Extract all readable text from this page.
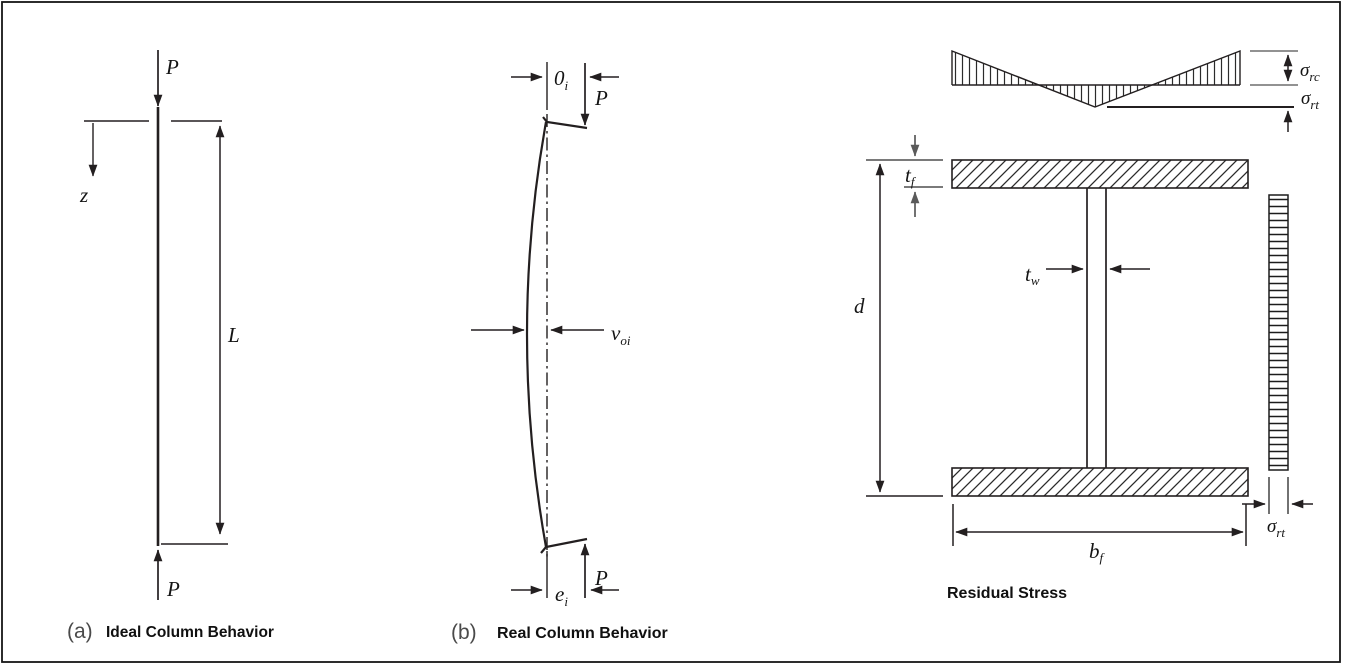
P
z
L
P
(a) Ideal Column Behavior
$0_i$
P
$v_{oi}$
P
$e_i$
(b) Real Column Behavior
$\sigma_{rc}$
$\sigma_{rt}$
tf
d
tw
$\sigma_{rt}$
bf
Residual Stress
